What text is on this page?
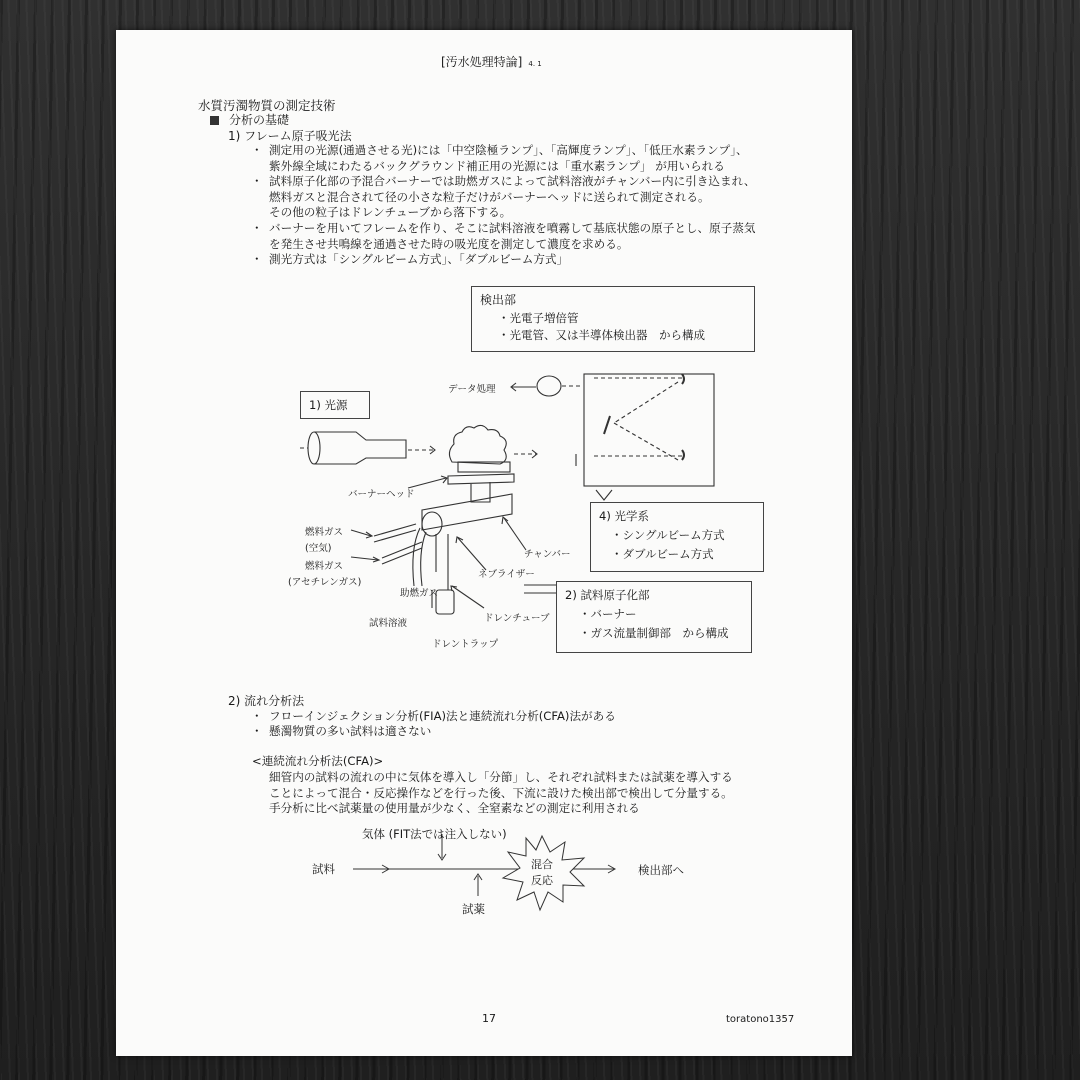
[汚水処理特論] 4. 1
水質汚濁物質の測定技術
分析の基礎
1) フレーム原子吸光法
・ 測定用の光源(通過させる光)には「中空陰極ランプ」、「高輝度ランプ」、「低圧水素ランプ」、
紫外線全域にわたるバックグラウンド補正用の光源には「重水素ランプ」 が用いられる
・ 試料原子化部の予混合バーナーでは助燃ガスによって試料溶液がチャンバー内に引き込まれ、
燃料ガスと混合されて径の小さな粒子だけがバーナーヘッドに送られて測定される。
その他の粒子はドレンチューブから落下する。
・ バーナーを用いてフレームを作り、そこに試料溶液を噴霧して基底状態の原子とし、原子蒸気
を発生させ共鳴線を通過させた時の吸光度を測定して濃度を求める。
・ 測光方式は「シングルビーム方式」、「ダブルビーム方式」
検出部
・光電子増倍管
・光電管、又は半導体検出器　から構成
1) 光源
4) 光学系
・シングルビーム方式
・ダブルビーム方式
2) 試料原子化部
・バーナー
・ガス流量制御部　から構成
データ処理
バーナーヘッド
燃料ガス
(空気)
燃料ガス
(アセチレンガス)
チャンバー
ネブライザー
助燃ガス
ドレンチューブ
試料溶液
ドレントラップ
2) 流れ分析法
・ フローインジェクション分析(FIA)法と連続流れ分析(CFA)法がある
・ 懸濁物質の多い試料は適さない
<連続流れ分析法(CFA)>
細管内の試料の流れの中に気体を導入し「分節」し、それぞれ試料または試薬を導入する
ことによって混合・反応操作などを行った後、下流に設けた検出部で検出して分量する。
手分析に比べ試薬量の使用量が少なく、全窒素などの測定に利用される
気体 (FIT法では注入しない)
試料	混合
反応
検出部へ
試薬
17	toratono1357
